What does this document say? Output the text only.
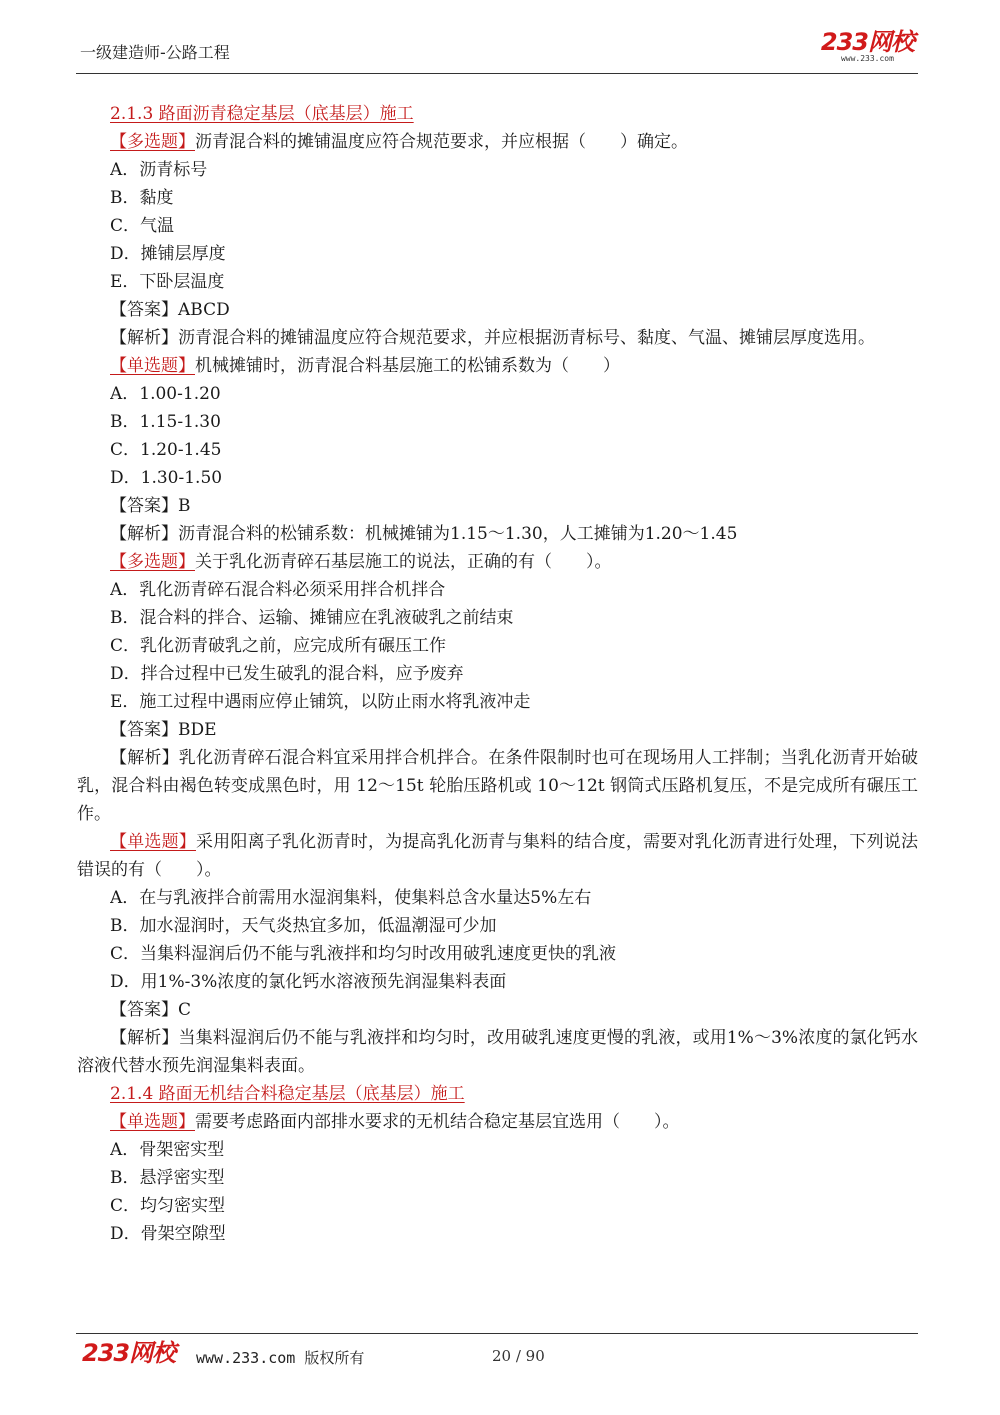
一级建造师-公路工程	233网校
www.233.com
2.1.3 路面沥青稳定基层（底基层）施工
【多选题】沥青混合料的摊铺温度应符合规范要求，并应根据（　　）确定。
A．沥青标号
B．黏度
C．气温
D．摊铺层厚度
E．下卧层温度
【答案】ABCD
【解析】沥青混合料的摊铺温度应符合规范要求，并应根据沥青标号、黏度、气温、摊铺层厚度选用。
【单选题】机械摊铺时，沥青混合料基层施工的松铺系数为（　　）
A．1.00-1.20
B．1.15-1.30
C．1.20-1.45
D．1.30-1.50
【答案】B
【解析】沥青混合料的松铺系数：机械摊铺为1.15～1.30，人工摊铺为1.20～1.45
【多选题】关于乳化沥青碎石基层施工的说法，正确的有（　　）。
A．乳化沥青碎石混合料必须采用拌合机拌合
B．混合料的拌合、运输、摊铺应在乳液破乳之前结束
C．乳化沥青破乳之前，应完成所有碾压工作
D．拌合过程中已发生破乳的混合料，应予废弃
E．施工过程中遇雨应停止铺筑，以防止雨水将乳液冲走
【答案】BDE
【解析】乳化沥青碎石混合料宜采用拌合机拌合。在条件限制时也可在现场用人工拌制；当乳化沥青开始破乳，混合料由褐色转变成黑色时，用 12～15t 轮胎压路机或 10～12t 钢筒式压路机复压，不是完成所有碾压工作。
【单选题】采用阳离子乳化沥青时，为提高乳化沥青与集料的结合度，需要对乳化沥青进行处理，下列说法错误的有（　　）。
A．在与乳液拌合前需用水湿润集料，使集料总含水量达5%左右
B．加水湿润时，天气炎热宜多加，低温潮湿可少加
C．当集料湿润后仍不能与乳液拌和均匀时改用破乳速度更快的乳液
D．用1%-3%浓度的氯化钙水溶液预先润湿集料表面
【答案】C
【解析】当集料湿润后仍不能与乳液拌和均匀时，改用破乳速度更慢的乳液，或用1%～3%浓度的氯化钙水溶液代替水预先润湿集料表面。
2.1.4 路面无机结合料稳定基层（底基层）施工
【单选题】需要考虑路面内部排水要求的无机结合稳定基层宜选用（　　）。
A．骨架密实型
B．悬浮密实型
C．均匀密实型
D．骨架空隙型
233网校 www.233.com 版权所有	20 / 90
